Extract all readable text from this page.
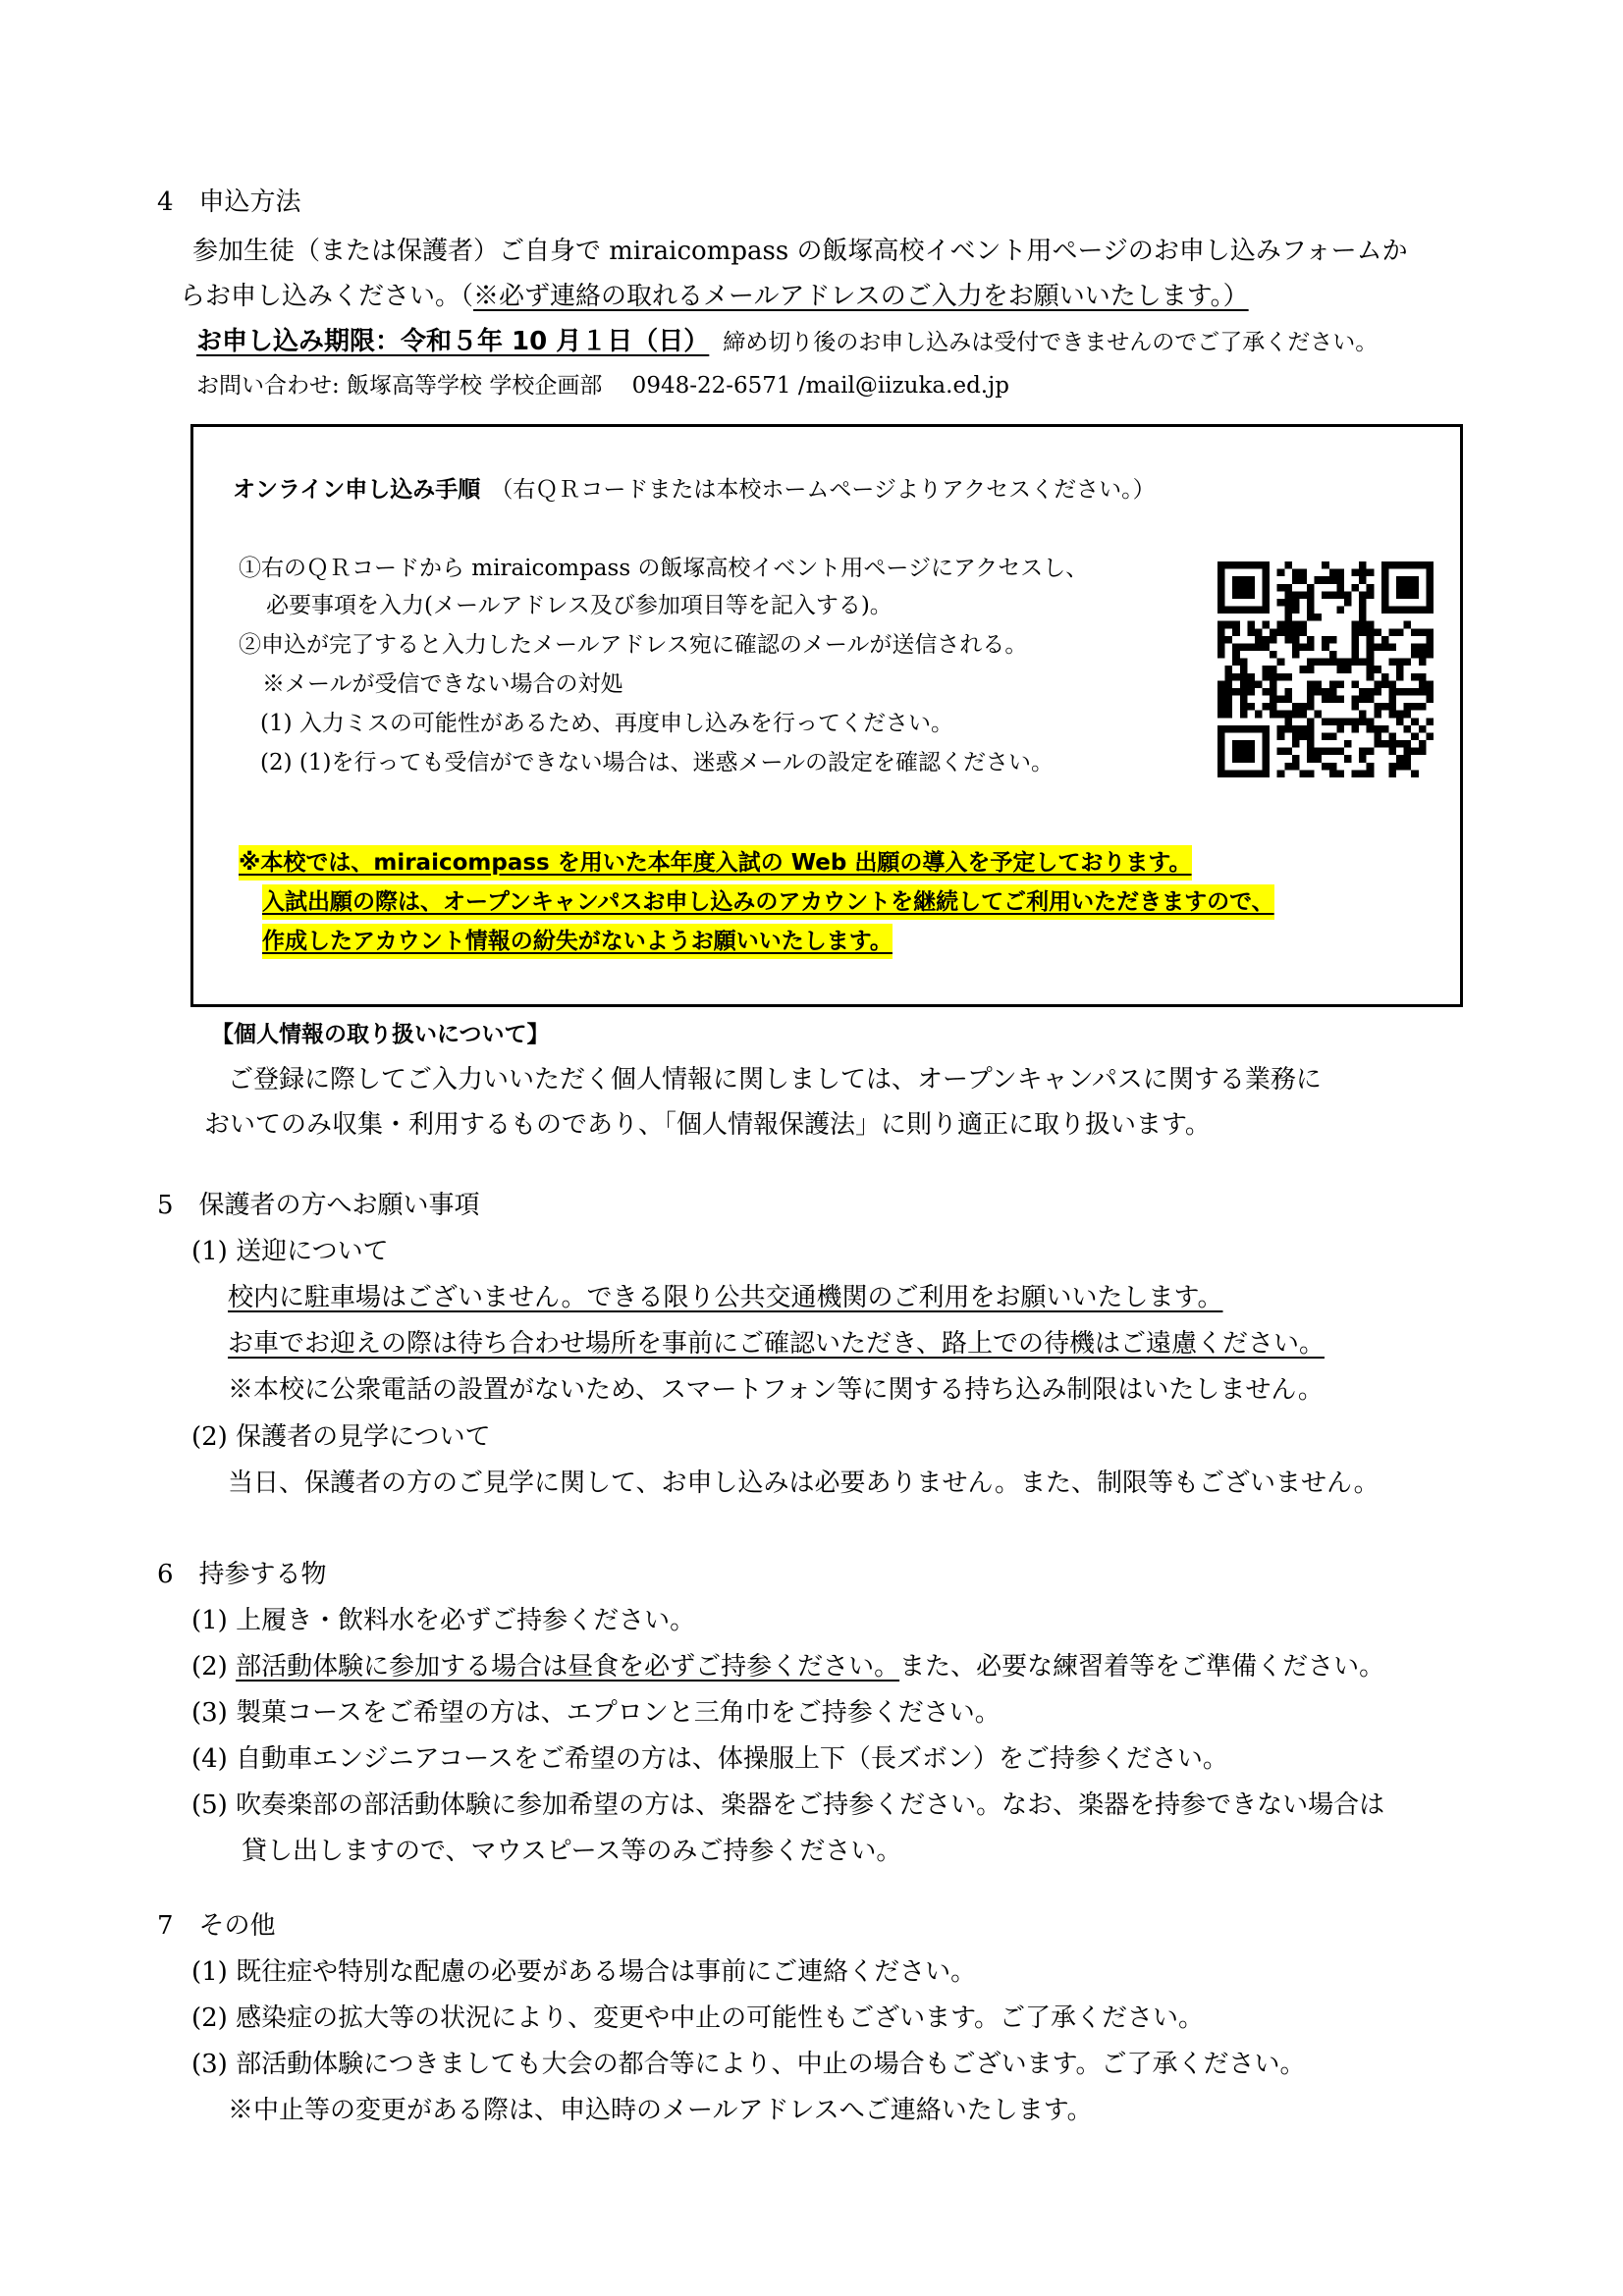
4　申込方法
参加生徒（または保護者）ご自身で miraicompass の飯塚高校イベント用ページのお申し込みフォームか
らお申し込みください。（※必ず連絡の取れるメールアドレスのご入力をお願いいたします。）
お申し込み期限：令和５年 10 月１日（日） 締め切り後のお申し込みは受付できませんのでご了承ください。
お問い合わせ: 飯塚高等学校 学校企画部　 0948-22-6571 /mail@iizuka.ed.jp
オンライン申し込み手順 （右ＱＲコードまたは本校ホームページよりアクセスください。）
①右のＱＲコードから miraicompass の飯塚高校イベント用ページにアクセスし、
必要事項を入力(メールアドレス及び参加項目等を記入する)。
②申込が完了すると入力したメールアドレス宛に確認のメールが送信される。
※メールが受信できない場合の対処
(1) 入力ミスの可能性があるため、再度申し込みを行ってください。
(2) (1)を行っても受信ができない場合は、迷惑メールの設定を確認ください。
※本校では、miraicompass を用いた本年度入試の Web 出願の導入を予定しております。
入試出願の際は、オープンキャンパスお申し込みのアカウントを継続してご利用いただきますので、
作成したアカウント情報の紛失がないようお願いいたします。
【個人情報の取り扱いについて】
ご登録に際してご入力いいただく個人情報に関しましては、オープンキャンパスに関する業務に
おいてのみ収集・利用するものであり、「個人情報保護法」に則り適正に取り扱います。
5　保護者の方へお願い事項
(1) 送迎について
校内に駐車場はございません。できる限り公共交通機関のご利用をお願いいたします。
お車でお迎えの際は待ち合わせ場所を事前にご確認いただき、路上での待機はご遠慮ください。
※本校に公衆電話の設置がないため、スマートフォン等に関する持ち込み制限はいたしません。
(2) 保護者の見学について
当日、保護者の方のご見学に関して、お申し込みは必要ありません。また、制限等もございません。
6　持参する物
(1) 上履き・飲料水を必ずご持参ください。
(2) 部活動体験に参加する場合は昼食を必ずご持参ください。また、必要な練習着等をご準備ください。
(3) 製菓コースをご希望の方は、エプロンと三角巾をご持参ください。
(4) 自動車エンジニアコースをご希望の方は、体操服上下（長ズボン）をご持参ください。
(5) 吹奏楽部の部活動体験に参加希望の方は、楽器をご持参ください。なお、楽器を持参できない場合は
貸し出しますので、マウスピース等のみご持参ください。
7　その他
(1) 既往症や特別な配慮の必要がある場合は事前にご連絡ください。
(2) 感染症の拡大等の状況により、変更や中止の可能性もございます。ご了承ください。
(3) 部活動体験につきましても大会の都合等により、中止の場合もございます。ご了承ください。
※中止等の変更がある際は、申込時のメールアドレスへご連絡いたします。
